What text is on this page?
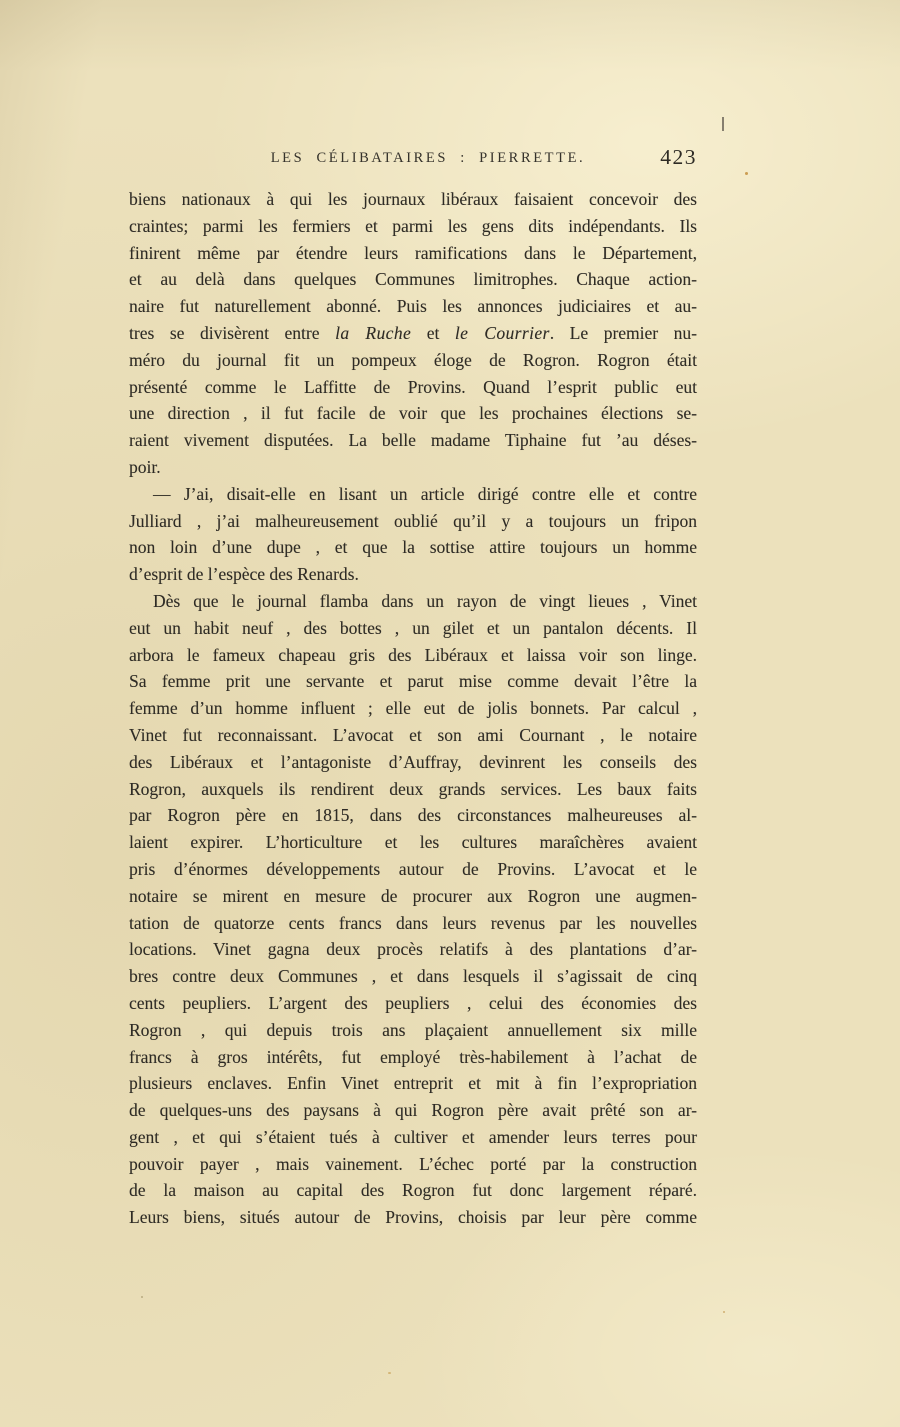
LES CÉLIBATAIRES : PIERRETTE.	423
biens nationaux à qui les journaux libéraux faisaient concevoir des
craintes; parmi les fermiers et parmi les gens dits indépendants. Ils
finirent même par étendre leurs ramifications dans le Département,
et au delà dans quelques Communes limitrophes. Chaque action-
naire fut naturellement abonné. Puis les annonces judiciaires et au-
tres se divisèrent entre la Ruche et le Courrier. Le premier nu-
méro du journal fit un pompeux éloge de Rogron. Rogron était
présenté comme le Laffitte de Provins. Quand l’esprit public eut
une direction , il fut facile de voir que les prochaines élections se-
raient vivement disputées. La belle madame Tiphaine fut ’au déses-
poir.
— J’ai, disait-elle en lisant un article dirigé contre elle et contre
Julliard , j’ai malheureusement oublié qu’il y a toujours un fripon
non loin d’une dupe , et que la sottise attire toujours un homme
d’esprit de l’espèce des Renards.
Dès que le journal flamba dans un rayon de vingt lieues , Vinet
eut un habit neuf , des bottes , un gilet et un pantalon décents. Il
arbora le fameux chapeau gris des Libéraux et laissa voir son linge.
Sa femme prit une servante et parut mise comme devait l’être la
femme d’un homme influent ; elle eut de jolis bonnets. Par calcul ,
Vinet fut reconnaissant. L’avocat et son ami Cournant , le notaire
des Libéraux et l’antagoniste d’Auffray, devinrent les conseils des
Rogron, auxquels ils rendirent deux grands services. Les baux faits
par Rogron père en 1815, dans des circonstances malheureuses al-
laient expirer. L’horticulture et les cultures maraîchères avaient
pris d’énormes développements autour de Provins. L’avocat et le
notaire se mirent en mesure de procurer aux Rogron une augmen-
tation de quatorze cents francs dans leurs revenus par les nouvelles
locations. Vinet gagna deux procès relatifs à des plantations d’ar-
bres contre deux Communes , et dans lesquels il s’agissait de cinq
cents peupliers. L’argent des peupliers , celui des économies des
Rogron , qui depuis trois ans plaçaient annuellement six mille
francs à gros intérêts, fut employé très-habilement à l’achat de
plusieurs enclaves. Enfin Vinet entreprit et mit à fin l’expropriation
de quelques-uns des paysans à qui Rogron père avait prêté son ar-
gent , et qui s’étaient tués à cultiver et amender leurs terres pour
pouvoir payer , mais vainement. L’échec porté par la construction
de la maison au capital des Rogron fut donc largement réparé.
Leurs biens, situés autour de Provins, choisis par leur père comme
